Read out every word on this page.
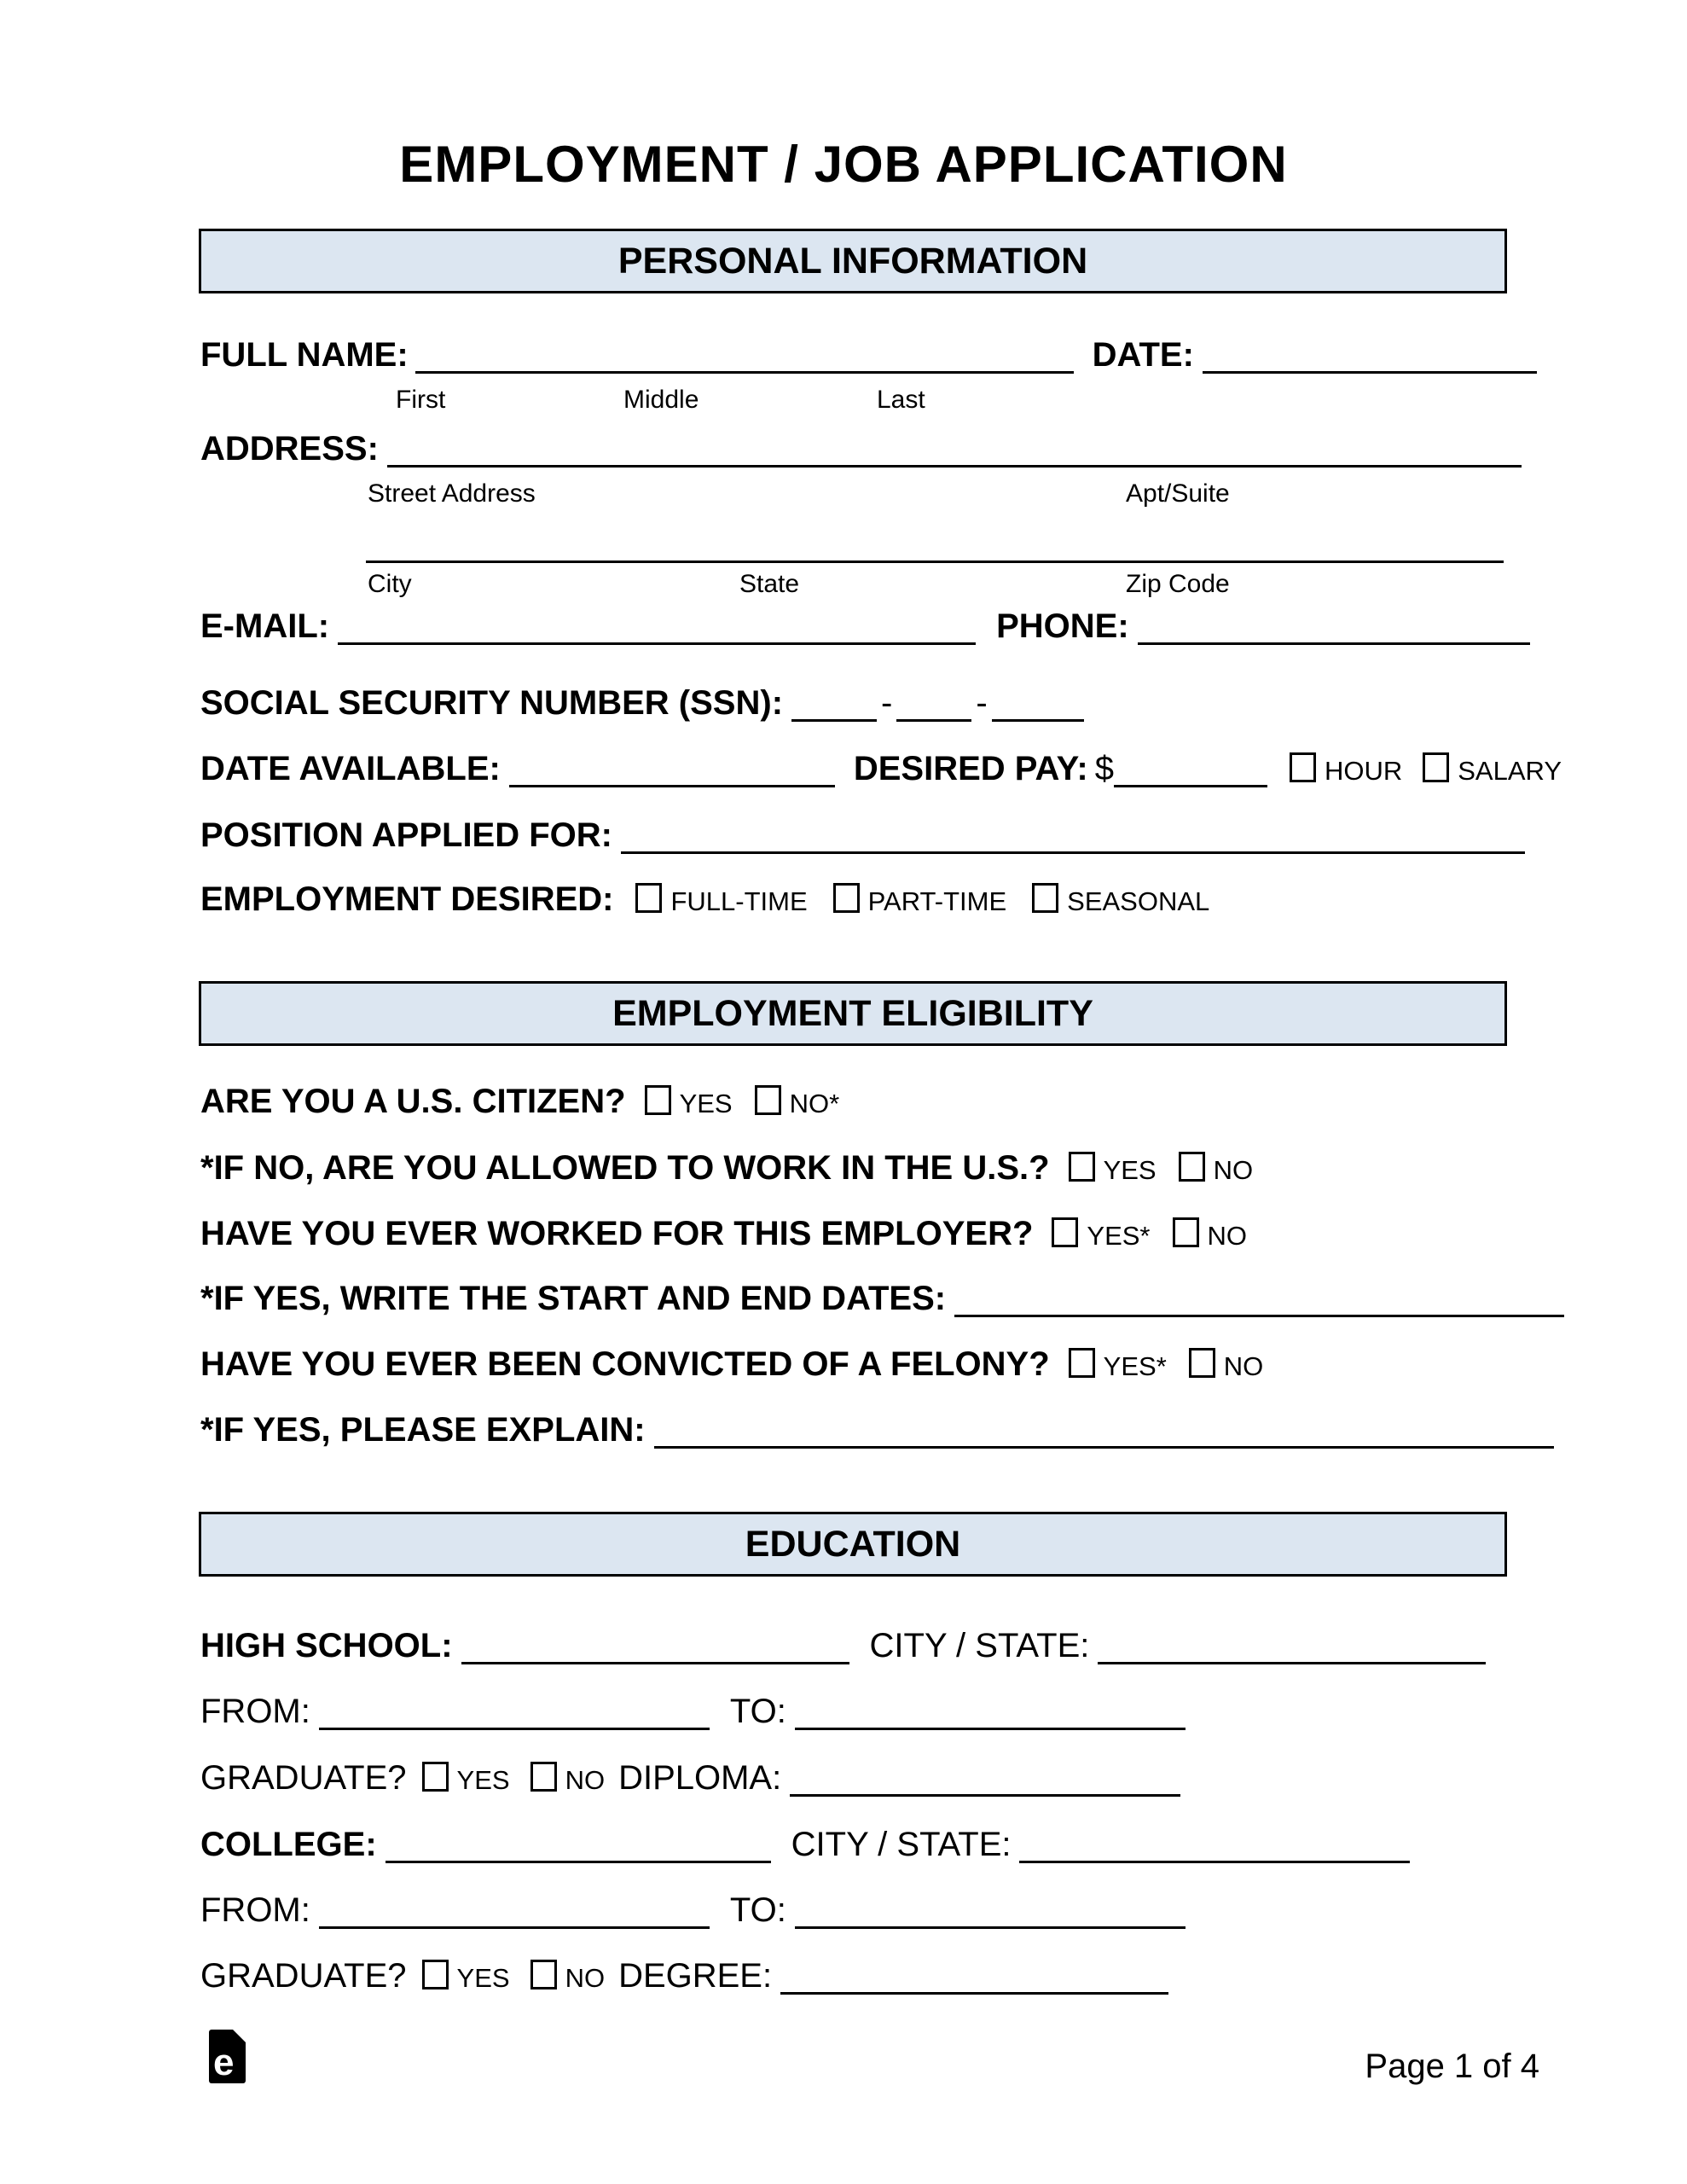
EMPLOYMENT / JOB APPLICATION
PERSONAL INFORMATION
FULL NAME:	DATE:
First	Middle	Last
ADDRESS:
Street Address	Apt/Suite
City	State	Zip Code
E-MAIL:	PHONE:
SOCIAL SECURITY NUMBER (SSN):	- -
DATE AVAILABLE:	DESIRED PAY: $	HOUR SALARY
POSITION APPLIED FOR:
EMPLOYMENT DESIRED: FULL-TIME PART-TIME SEASONAL
EMPLOYMENT ELIGIBILITY
ARE YOU A U.S. CITIZEN? YES NO*
*IF NO, ARE YOU ALLOWED TO WORK IN THE U.S.? YES NO
HAVE YOU EVER WORKED FOR THIS EMPLOYER? YES* NO
*IF YES, WRITE THE START AND END DATES:
HAVE YOU EVER BEEN CONVICTED OF A FELONY? YES* NO
*IF YES, PLEASE EXPLAIN:
EDUCATION
HIGH SCHOOL:	CITY / STATE:
FROM:	TO:
GRADUATE? YES NO DIPLOMA:
COLLEGE:	CITY / STATE:
FROM:	TO:
GRADUATE? YES NO DEGREE:
e	Page 1 of 4
